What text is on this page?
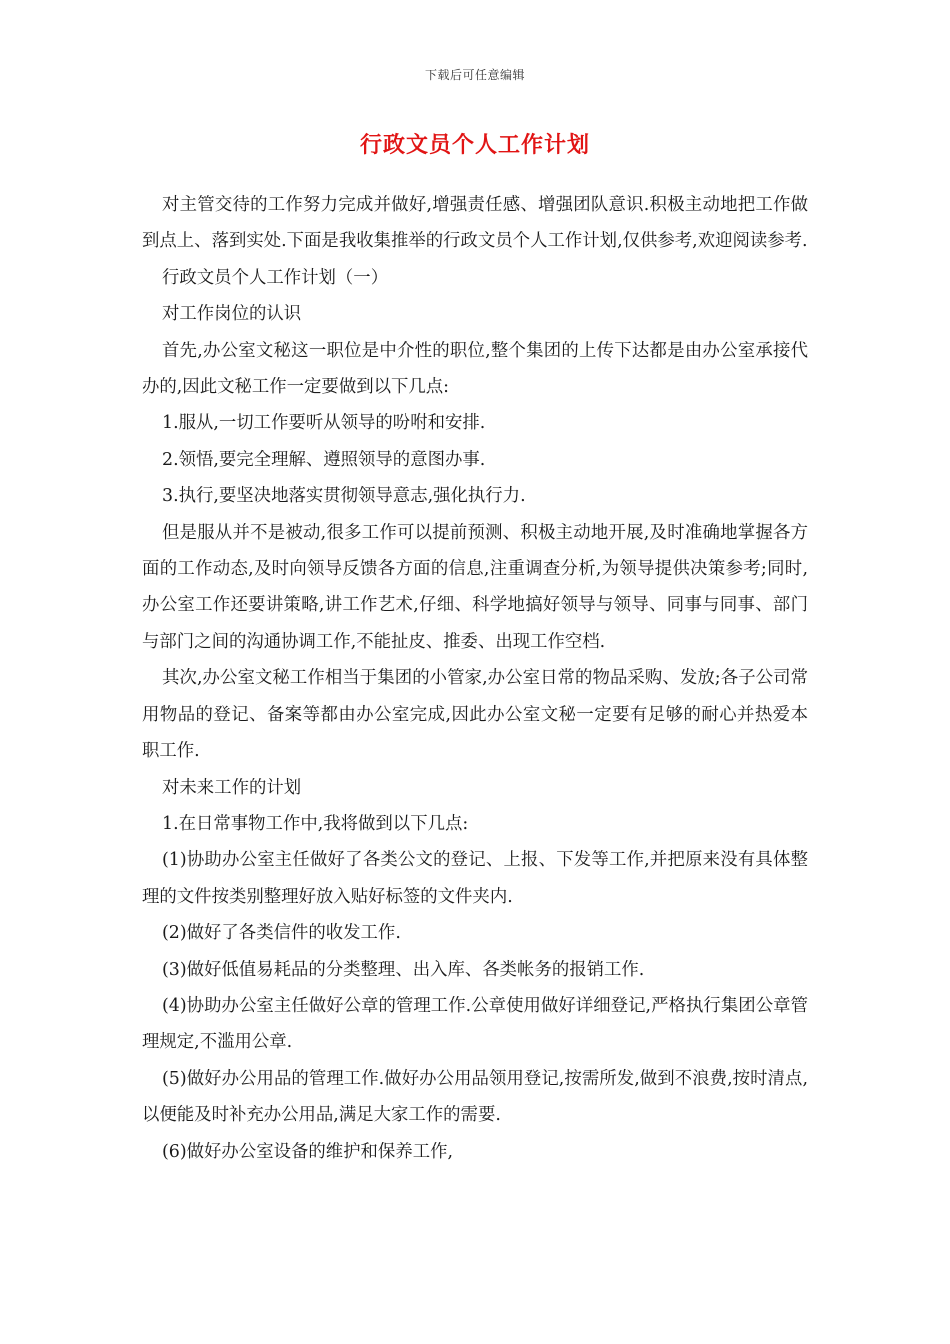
下载后可任意编辑
行政文员个人工作计划

对主管交待的工作努力完成并做好,增强责任感、增强团队意识.积极主动地把工作做到点上、落到实处.下面是我收集推举的行政文员个人工作计划,仅供参考,欢迎阅读参考.

行政文员个人工作计划（一）

对工作岗位的认识

首先,办公室文秘这一职位是中介性的职位,整个集团的上传下达都是由办公室承接代办的,因此文秘工作一定要做到以下几点:

1.服从,一切工作要听从领导的吩咐和安排.

2.领悟,要完全理解、遵照领导的意图办事.

3.执行,要坚决地落实贯彻领导意志,强化执行力.

但是服从并不是被动,很多工作可以提前预测、积极主动地开展,及时准确地掌握各方面的工作动态,及时向领导反馈各方面的信息,注重调查分析,为领导提供决策参考;同时,办公室工作还要讲策略,讲工作艺术,仔细、科学地搞好领导与领导、同事与同事、部门与部门之间的沟通协调工作,不能扯皮、推委、出现工作空档.

其次,办公室文秘工作相当于集团的小管家,办公室日常的物品采购、发放;各子公司常用物品的登记、备案等都由办公室完成,因此办公室文秘一定要有足够的耐心并热爱本职工作.

对未来工作的计划

1.在日常事物工作中,我将做到以下几点:

(1)协助办公室主任做好了各类公文的登记、上报、下发等工作,并把原来没有具体整理的文件按类别整理好放入贴好标签的文件夹内.

(2)做好了各类信件的收发工作.

(3)做好低值易耗品的分类整理、出入库、各类帐务的报销工作.

(4)协助办公室主任做好公章的管理工作.公章使用做好详细登记,严格执行集团公章管理规定,不滥用公章.

(5)做好办公用品的管理工作.做好办公用品领用登记,按需所发,做到不浪费,按时清点,以便能及时补充办公用品,满足大家工作的需要.

(6)做好办公室设备的维护和保养工作,
